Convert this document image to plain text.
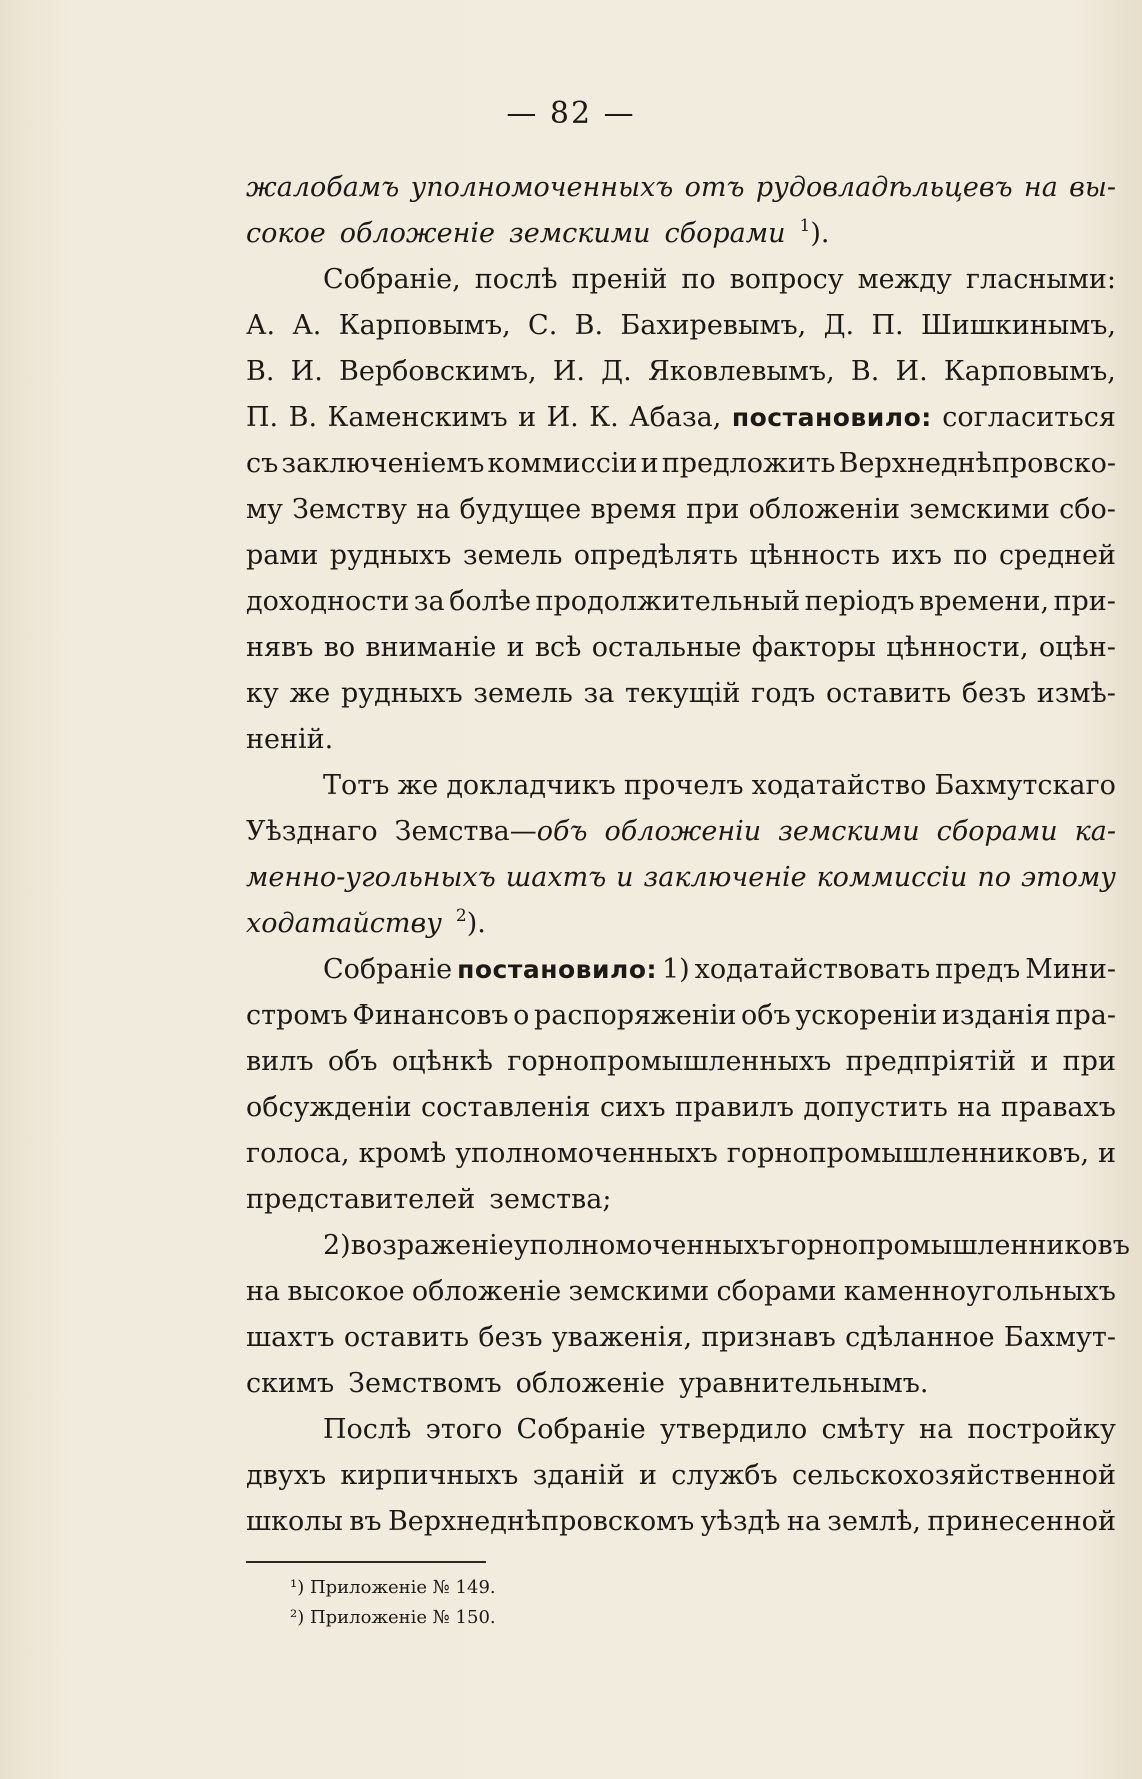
— 82 —
жалобамъ уполномоченныхъ отъ рудовладѣльцевъ на вы-
сокое обложеніе земскими сборами $^1$).
Собраніе, послѣ преній по вопросу между гласными:
А. А. Карповымъ, С. В. Бахиревымъ, Д. П. Шишкинымъ,
В. И. Вербовскимъ, И. Д. Яковлевымъ, В. И. Карповымъ,
П. В. Каменскимъ и И. К. Абаза, постановило: согласиться
съ заключеніемъ коммиссіи и предложить Верхнеднѣпровско-
му Земству на будущее время при обложеніи земскими сбо-
рами рудныхъ земель опредѣлять цѣнность ихъ по средней
доходности за болѣе продолжительный періодъ времени, при-
нявъ во вниманіе и всѣ остальные факторы цѣнности, оцѣн-
ку же рудныхъ земель за текущій годъ оставить безъ измѣ-
неній.
Тотъ же докладчикъ прочелъ ходатайство Бахмутскаго
Уѣзднаго Земства—объ обложеніи земскими сборами ка-
менно-угольныхъ шахтъ и заключеніе коммиссіи по этому
ходатайству $^2$).
Собраніе постановило: 1) ходатайствовать предъ Мини-
стромъ Финансовъ о распоряженіи объ ускореніи изданія пра-
вилъ объ оцѣнкѣ горнопромышленныхъ предпріятій и при
обсужденіи составленія сихъ правилъ допустить на правахъ
голоса, кромѣ уполномоченныхъ горнопромышленниковъ, и
представителей земства;
2) возраженіе уполномоченныхъ горнопромышленниковъ
на высокое обложеніе земскими сборами каменноугольныхъ
шахтъ оставить безъ уваженія, признавъ сдѣланное Бахмут-
скимъ Земствомъ обложеніе уравнительнымъ.
Послѣ этого Собраніе утвердило смѣту на постройку
двухъ кирпичныхъ зданій и службъ сельскохозяйственной
школы въ Верхнеднѣпровскомъ уѣздѣ на землѣ, принесенной
¹) Приложеніе № 149.
²) Приложеніе № 150.
